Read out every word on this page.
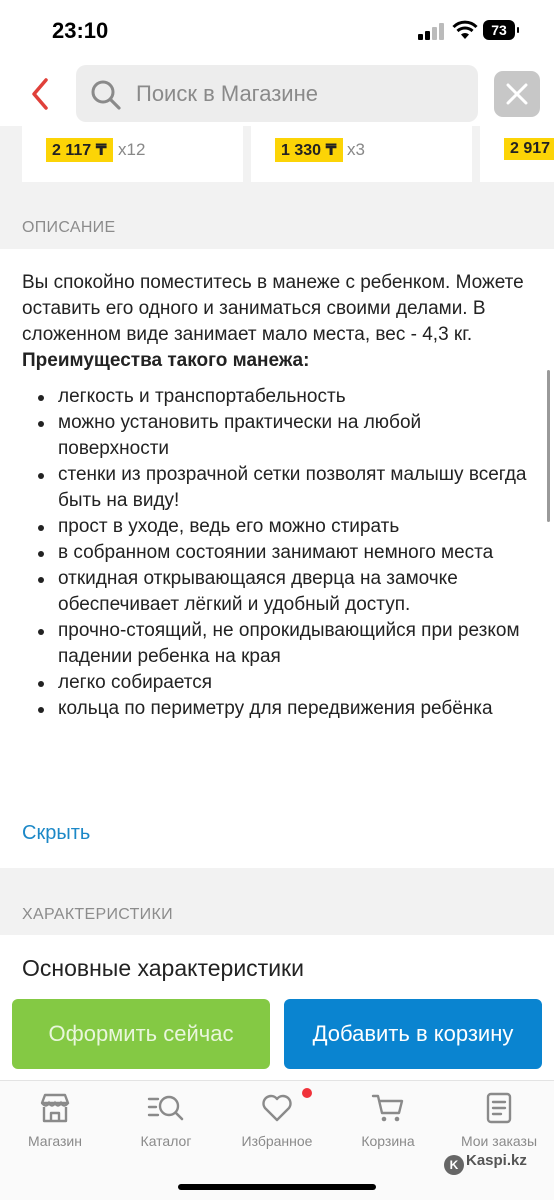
23:10	73
Поиск в Магазине
2 117 ₸ x12	1 330 ₸ x3	2 917
ОПИСАНИЕ

Вы спокойно поместитесь в манеже с ребенком. Можете оставить его одного и заниматься своими делами. В сложенном виде занимает мало места, вес - 4,3 кг.

Преимущества такого манежа:

легкость и транспортабельность
можно установить практически на любой поверхности
стенки из прозрачной сетки позволят малышу всегда быть на виду!
прост в уходе, ведь его можно стирать
в собранном состоянии занимают немного места
откидная открывающаяся дверца на замочке обеспечивает лёгкий и удобный доступ.
прочно-стоящий, не опрокидывающийся при резком падении ребенка на края
легко собирается
кольца по периметру для передвижения ребёнка
Скрыть
ХАРАКТЕРИСТИКИ
Основные характеристики
Оформить сейчас	Добавить в корзину
Магазин	Каталог	Избранное	Корзина	Мои заказы
K Kaspi.kz
